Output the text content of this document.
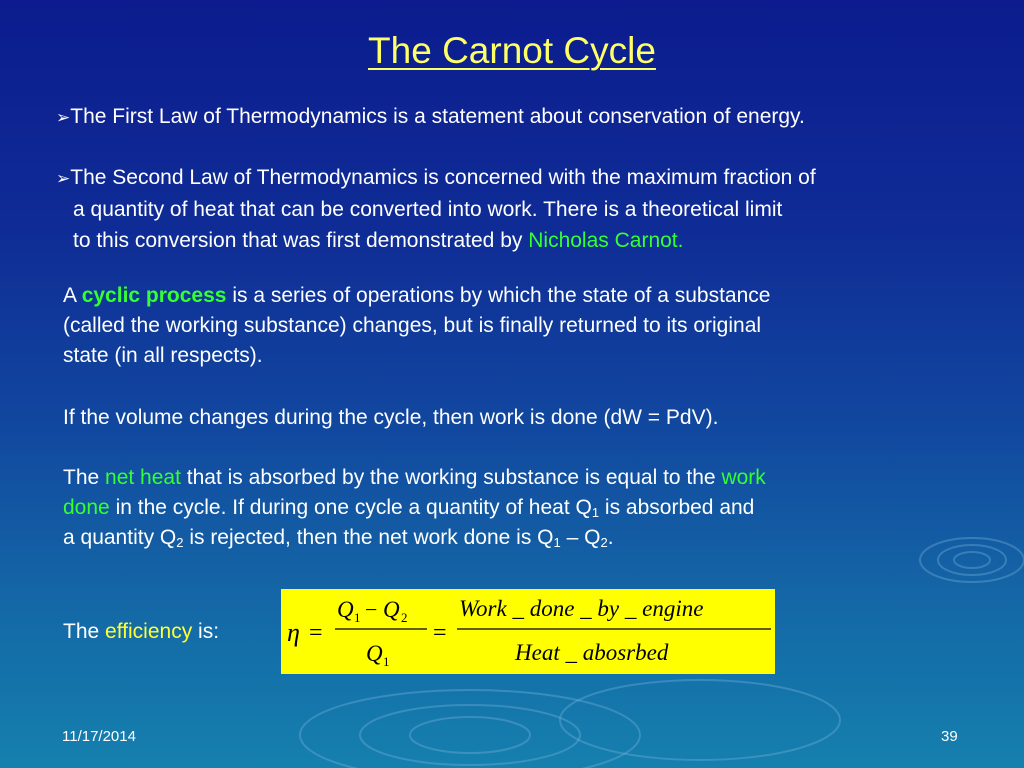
The Carnot Cycle
➢The First Law of Thermodynamics is a statement about conservation of energy.
➢The Second Law of Thermodynamics is concerned with the maximum fraction of
a quantity of heat that can be converted into work. There is a theoretical limit
to this conversion that was first demonstrated by Nicholas Carnot.
A cyclic process is a series of operations by which the state of a substance
(called the working substance) changes, but is finally returned to its original
state (in all respects).
If the volume changes during the cycle, then work is done (dW = PdV).
The net heat that is absorbed by the working substance is equal to the work
done in the cycle. If during one cycle a quantity of heat $Q_1$ is absorbed and
a quantity $Q_2$ is rejected, then the net work done is $Q_1 - Q_2$.
The efficiency is:	η =
Q 1 − Q 2
Q 1
=
Work _ done _ by _ engine
Heat _ abosrbed
11/17/2014	39
